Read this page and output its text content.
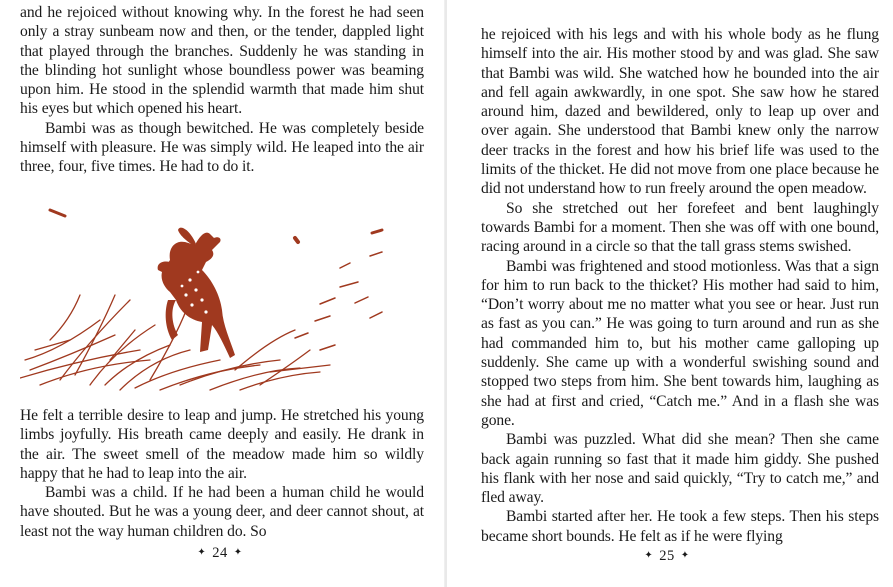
and he rejoiced without knowing why. In the forest he had seen only a stray sunbeam now and then, or the tender, dappled light that played through the branches. Suddenly he was standing in the blinding hot sunlight whose boundless power was beaming upon him. He stood in the splendid warmth that made him shut his eyes but which opened his heart.

Bambi was as though bewitched. He was completely beside himself with pleasure. He was simply wild. He leaped into the air three, four, five times. He had to do it.

He felt a terrible desire to leap and jump. He stretched his young limbs joyfully. His breath came deeply and easily. He drank in the air. The sweet smell of the meadow made him so wildly happy that he had to leap into the air.

Bambi was a child. If he had been a human child he would have shouted. But he was a young deer, and deer cannot shout, at least not the way human children do. So

✦ 24 ✦

he rejoiced with his legs and with his whole body as he flung himself into the air. His mother stood by and was glad. She saw that Bambi was wild. She watched how he bounded into the air and fell again awkwardly, in one spot. She saw how he stared around him, dazed and bewildered, only to leap up over and over again. She understood that Bambi knew only the narrow deer tracks in the forest and how his brief life was used to the limits of the thicket. He did not move from one place because he did not understand how to run freely around the open meadow.

So she stretched out her forefeet and bent laughingly towards Bambi for a moment. Then she was off with one bound, racing around in a circle so that the tall grass stems swished.

Bambi was frightened and stood motionless. Was that a sign for him to run back to the thicket? His mother had said to him, “Don’t worry about me no matter what you see or hear. Just run as fast as you can.” He was going to turn around and run as she had commanded him to, but his mother came galloping up suddenly. She came up with a wonderful swishing sound and stopped two steps from him. She bent towards him, laughing as she had at first and cried, “Catch me.” And in a flash she was gone.

Bambi was puzzled. What did she mean? Then she came back again running so fast that it made him giddy. She pushed his flank with her nose and said quickly, “Try to catch me,” and fled away.

Bambi started after her. He took a few steps. Then his steps became short bounds. He felt as if he were flying

✦ 25 ✦
